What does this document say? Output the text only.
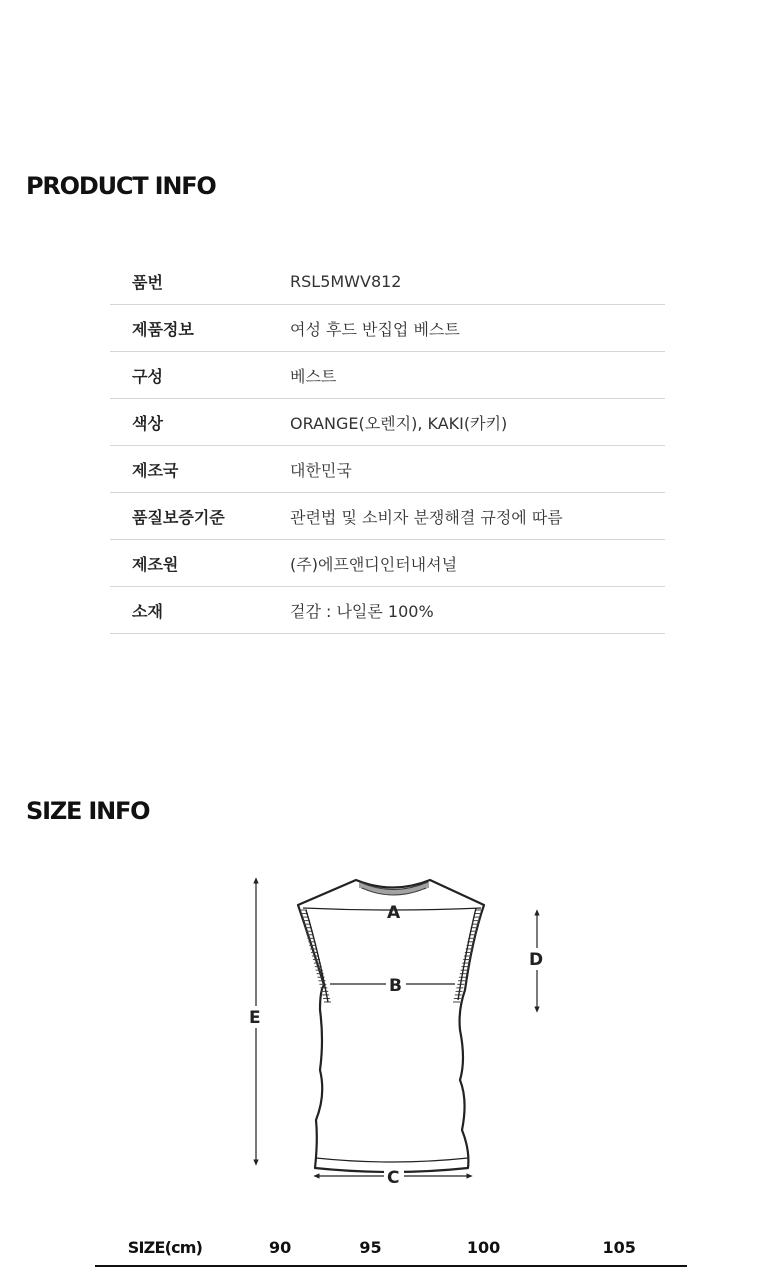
PRODUCT INFO
품번	RSL5MWV812
제품정보	여성 후드 반집업 베스트
구성	베스트
색상	ORANGE(오렌지), KAKI(카키)
제조국	대한민국
품질보증기준	관련법 및 소비자 분쟁해결 규정에 따름
제조원	(주)에프앤디인터내셔널
소재	겉감 : 나일론 100%
SIZE INFO
A
B
C
D
E
SIZE(cm)	90	95	100	105
